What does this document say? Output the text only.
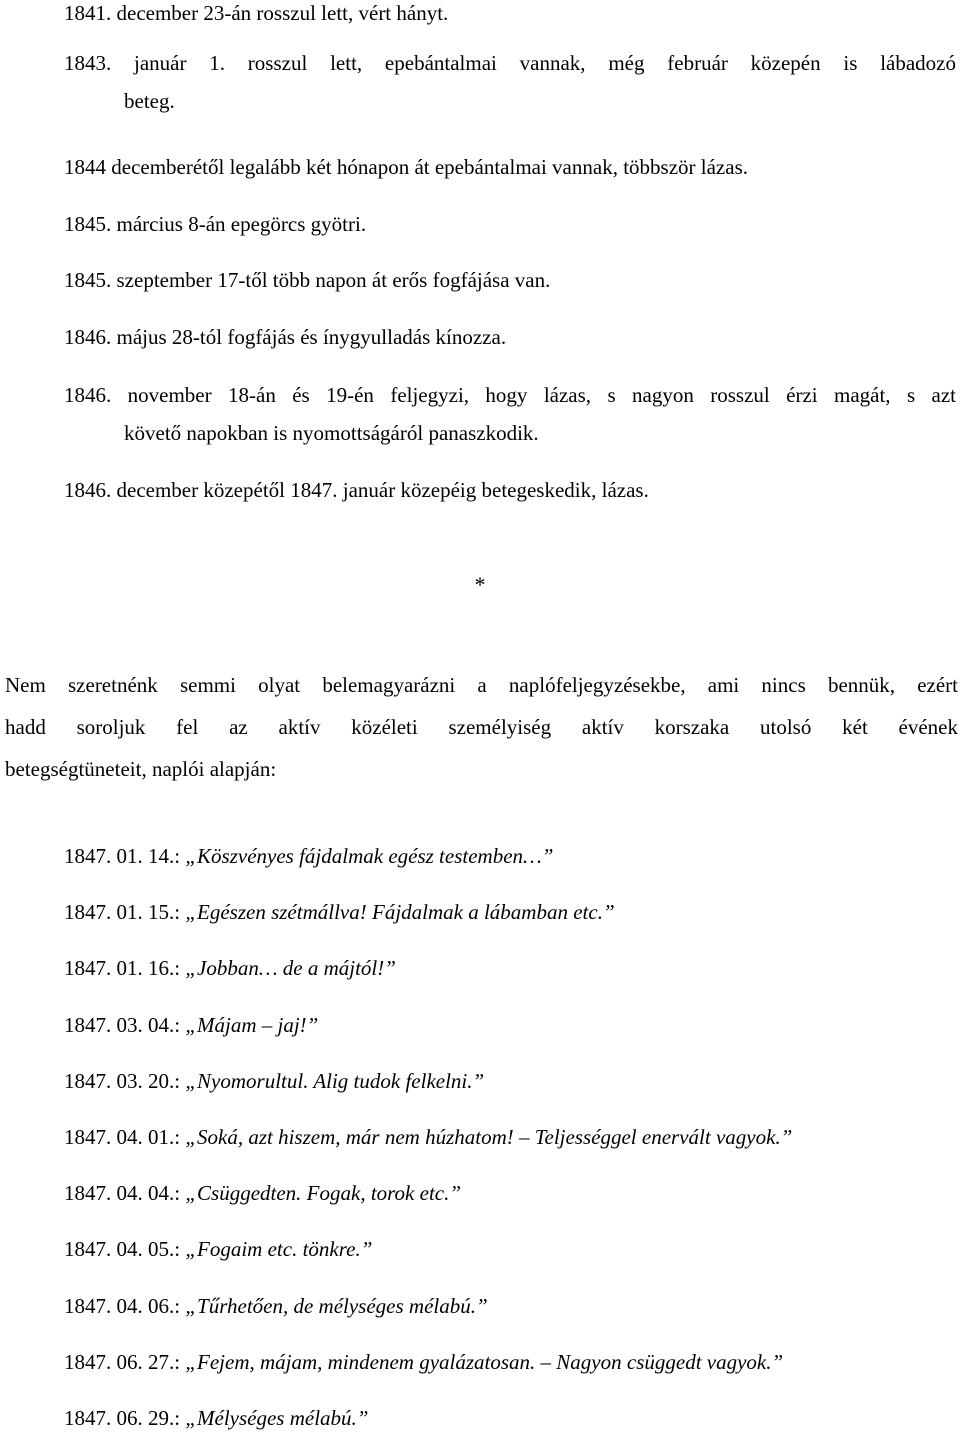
1841. december 23-án rosszul lett, vért hányt.
1843. január 1. rosszul lett, epebántalmai vannak, még február közepén is lábadozó
beteg.
1844 decemberétől legalább két hónapon át epebántalmai vannak, többször lázas.
1845. március 8-án epegörcs gyötri.
1845. szeptember 17-től több napon át erős fogfájása van.
1846. május 28-tól fogfájás és ínygyulladás kínozza.
1846. november 18-án és 19-én feljegyzi, hogy lázas, s nagyon rosszul érzi magát, s azt
követő napokban is nyomottságáról panaszkodik.
1846. december közepétől 1847. január közepéig betegeskedik, lázas.
*
Nem szeretnénk semmi olyat belemagyarázni a naplófeljegyzésekbe, ami nincs bennük, ezért
hadd soroljuk fel az aktív közéleti személyiség aktív korszaka utolsó két évének
betegségtüneteit, naplói alapján:
1847. 01. 14.: „Köszvényes fájdalmak egész testemben…”
1847. 01. 15.: „Egészen szétmállva! Fájdalmak a lábamban etc.”
1847. 01. 16.: „Jobban… de a májtól!”
1847. 03. 04.: „Májam – jaj!”
1847. 03. 20.: „Nyomorultul. Alig tudok felkelni.”
1847. 04. 01.: „Soká, azt hiszem, már nem húzhatom! – Teljességgel enervált vagyok.”
1847. 04. 04.: „Csüggedten. Fogak, torok etc.”
1847. 04. 05.: „Fogaim etc. tönkre.”
1847. 04. 06.: „Tűrhetően, de mélységes mélabú.”
1847. 06. 27.: „Fejem, májam, mindenem gyalázatosan. – Nagyon csüggedt vagyok.”
1847. 06. 29.: „Mélységes mélabú.”
